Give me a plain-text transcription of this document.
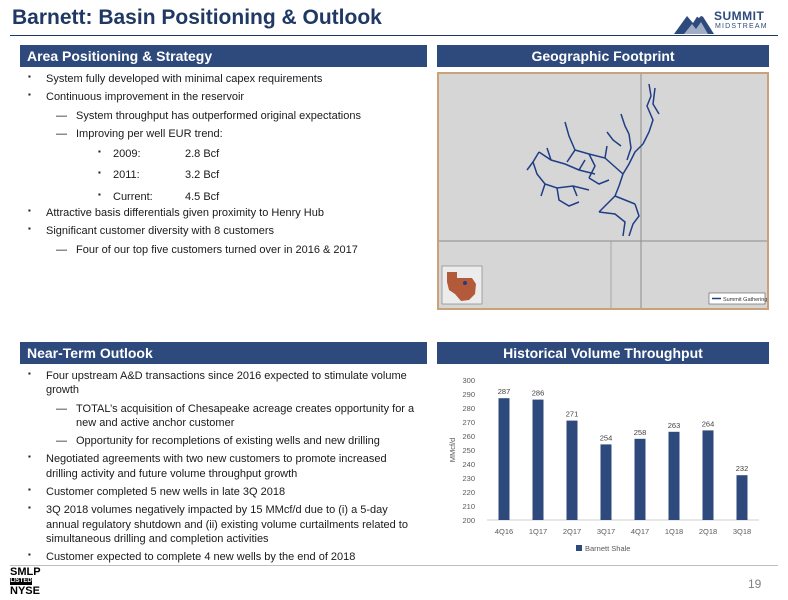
Barnett: Basin Positioning & Outlook	SUMMIT
MIDSTREAM
Area Positioning & Strategy
▪ System fully developed with minimal capex requirements
▪ Continuous improvement in the reservoir
— System throughput has outperformed original expectations
— Improving per well EUR trend:
▪ 2009:	2.8 Bcf
▪ 2011:	3.2 Bcf
▪ Current:	4.5 Bcf
▪ Attractive basis differentials given proximity to Henry Hub
▪ Significant customer diversity with 8 customers
— Four of our top five customers turned over in 2016 & 2017
Geographic Footprint
Summit Gathering
Near-Term Outlook
▪ Four upstream A&D transactions since 2016 expected to stimulate volume growth
— TOTAL’s acquisition of Chesapeake acreage creates opportunity for a new and active anchor customer
— Opportunity for recompletions of existing wells and new drilling
▪ Negotiated agreements with two new customers to promote increased drilling activity and future volume throughput growth
▪ Customer completed 5 new wells in late 3Q 2018
▪ 3Q 2018 volumes negatively impacted by 15 MMcf/d due to (i) a 5-day annual regulatory shutdown and (ii) existing volume curtailments related to simultaneous drilling and completion activities
▪ Customer expected to complete 4 new wells by the end of 2018
Historical Volume Throughput
300
290
280
270
260
250
240
230
220
210
200
MMcf/d
287
4Q16
286
1Q17
271
2Q17
254
3Q17
258
4Q17
263
1Q18
264
2Q18
232
3Q18
Barnett Shale
SMLP
LISTED
NYSE	19
